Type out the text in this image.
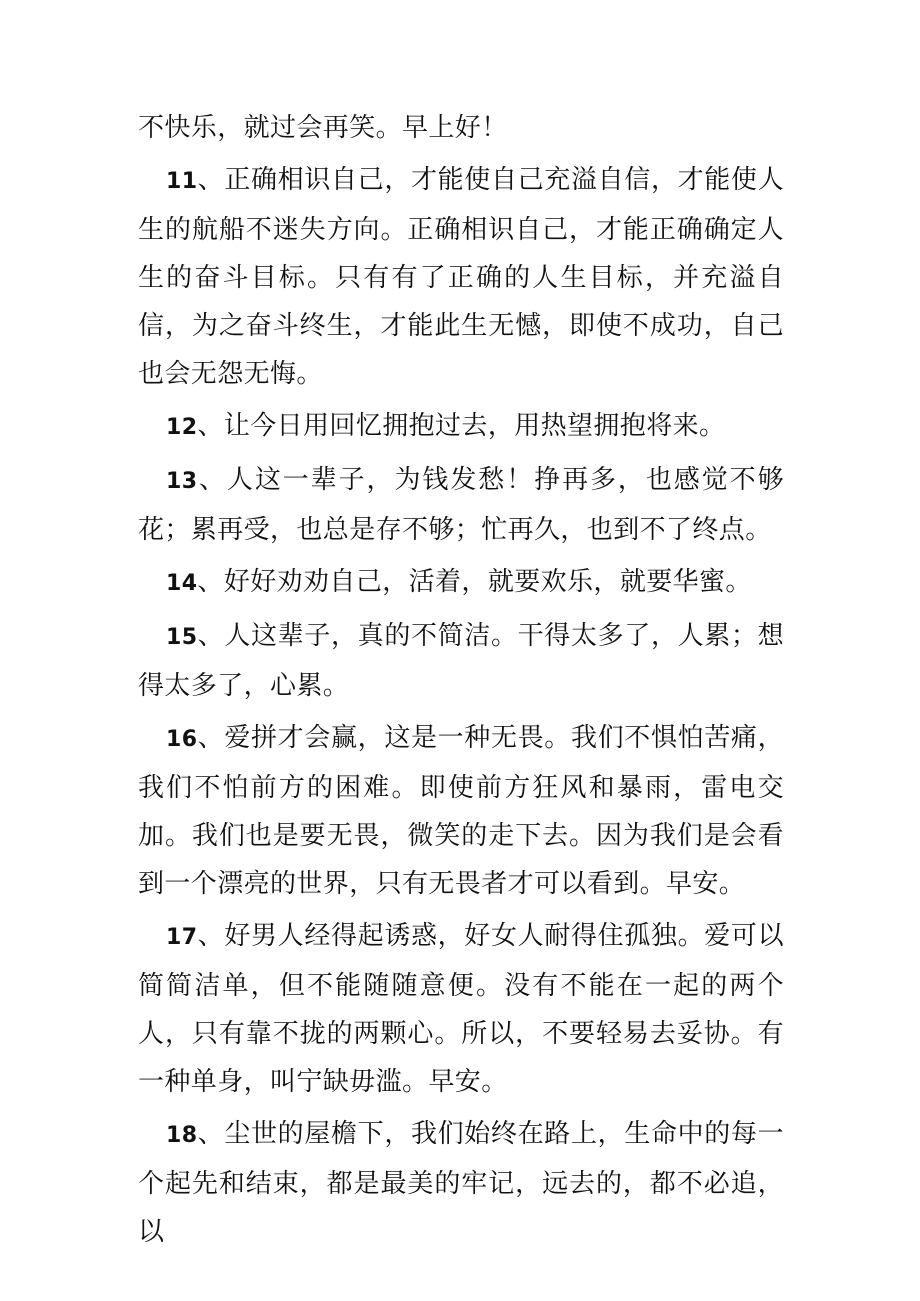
不快乐，就过会再笑。早上好！

11、正确相识自己，才能使自己充溢自信，才能使人生的航船不迷失方向。正确相识自己，才能正确确定人生的奋斗目标。只有有了正确的人生目标，并充溢自信，为之奋斗终生，才能此生无憾，即使不成功，自己也会无怨无悔。

12、让今日用回忆拥抱过去，用热望拥抱将来。

13、人这一辈子，为钱发愁！挣再多，也感觉不够花；累再受，也总是存不够；忙再久，也到不了终点。

14、好好劝劝自己，活着，就要欢乐，就要华蜜。

15、人这辈子，真的不简洁。干得太多了，人累；想得太多了，心累。

16、爱拼才会赢，这是一种无畏。我们不惧怕苦痛，我们不怕前方的困难。即使前方狂风和暴雨，雷电交加。我们也是要无畏，微笑的走下去。因为我们是会看到一个漂亮的世界，只有无畏者才可以看到。早安。

17、好男人经得起诱惑，好女人耐得住孤独。爱可以简简洁单，但不能随随意便。没有不能在一起的两个人，只有靠不拢的两颗心。所以，不要轻易去妥协。有一种单身，叫宁缺毋滥。早安。

18、尘世的屋檐下，我们始终在路上，生命中的每一个起先和结束，都是最美的牢记，远去的，都不必追，以
